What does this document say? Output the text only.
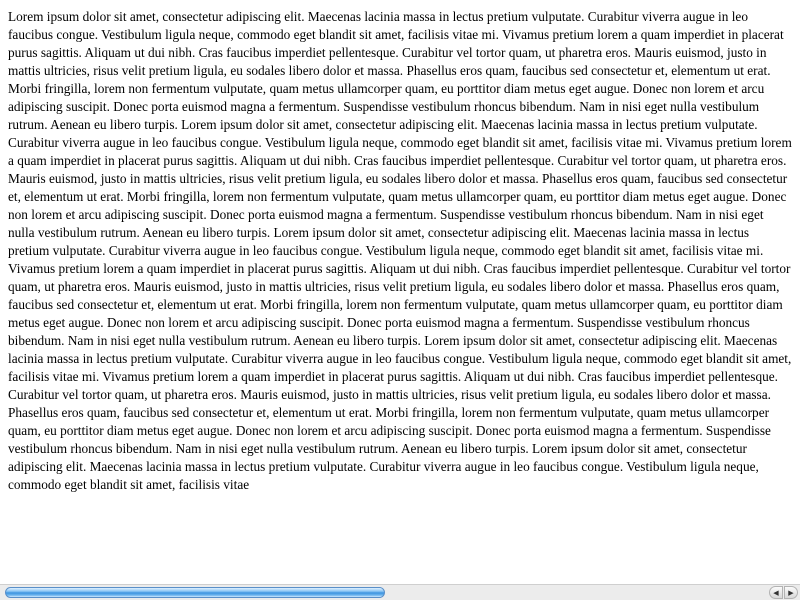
Lorem ipsum dolor sit amet, consectetur adipiscing elit. Maecenas lacinia massa in lectus pretium vulputate. Curabitur viverra augue in leo faucibus congue. Vestibulum ligula neque, commodo eget blandit sit amet, facilisis vitae mi. Vivamus pretium lorem a quam imperdiet in placerat purus sagittis. Aliquam ut dui nibh. Cras faucibus imperdiet pellentesque. Curabitur vel tortor quam, ut pharetra eros. Mauris euismod, justo in mattis ultricies, risus velit pretium ligula, eu sodales libero dolor et massa. Phasellus eros quam, faucibus sed consectetur et, elementum ut erat. Morbi fringilla, lorem non fermentum vulputate, quam metus ullamcorper quam, eu porttitor diam metus eget augue. Donec non lorem et arcu adipiscing suscipit. Donec porta euismod magna a fermentum. Suspendisse vestibulum rhoncus bibendum. Nam in nisi eget nulla vestibulum rutrum. Aenean eu libero turpis. Lorem ipsum dolor sit amet, consectetur adipiscing elit. Maecenas lacinia massa in lectus pretium vulputate. Curabitur viverra augue in leo faucibus congue. Vestibulum ligula neque, commodo eget blandit sit amet, facilisis vitae mi. Vivamus pretium lorem a quam imperdiet in placerat purus sagittis. Aliquam ut dui nibh. Cras faucibus imperdiet pellentesque. Curabitur vel tortor quam, ut pharetra eros. Mauris euismod, justo in mattis ultricies, risus velit pretium ligula, eu sodales libero dolor et massa. Phasellus eros quam, faucibus sed consectetur et, elementum ut erat. Morbi fringilla, lorem non fermentum vulputate, quam metus ullamcorper quam, eu porttitor diam metus eget augue. Donec non lorem et arcu adipiscing suscipit. Donec porta euismod magna a fermentum. Suspendisse vestibulum rhoncus bibendum. Nam in nisi eget nulla vestibulum rutrum. Aenean eu libero turpis. Lorem ipsum dolor sit amet, consectetur adipiscing elit. Maecenas lacinia massa in lectus pretium vulputate. Curabitur viverra augue in leo faucibus congue. Vestibulum ligula neque, commodo eget blandit sit amet, facilisis vitae mi. Vivamus pretium lorem a quam imperdiet in placerat purus sagittis. Aliquam ut dui nibh. Cras faucibus imperdiet pellentesque. Curabitur vel tortor quam, ut pharetra eros. Mauris euismod, justo in mattis ultricies, risus velit pretium ligula, eu sodales libero dolor et massa. Phasellus eros quam, faucibus sed consectetur et, elementum ut erat. Morbi fringilla, lorem non fermentum vulputate, quam metus ullamcorper quam, eu porttitor diam metus eget augue. Donec non lorem et arcu adipiscing suscipit. Donec porta euismod magna a fermentum. Suspendisse vestibulum rhoncus bibendum. Nam in nisi eget nulla vestibulum rutrum. Aenean eu libero turpis. Lorem ipsum dolor sit amet, consectetur adipiscing elit. Maecenas lacinia massa in lectus pretium vulputate. Curabitur viverra augue in leo faucibus congue. Vestibulum ligula neque, commodo eget blandit sit amet, facilisis vitae mi. Vivamus pretium lorem a quam imperdiet in placerat purus sagittis. Aliquam ut dui nibh. Cras faucibus imperdiet pellentesque. Curabitur vel tortor quam, ut pharetra eros. Mauris euismod, justo in mattis ultricies, risus velit pretium ligula, eu sodales libero dolor et massa. Phasellus eros quam, faucibus sed consectetur et, elementum ut erat. Morbi fringilla, lorem non fermentum vulputate, quam metus ullamcorper quam, eu porttitor diam metus eget augue. Donec non lorem et arcu adipiscing suscipit. Donec porta euismod magna a fermentum. Suspendisse vestibulum rhoncus bibendum. Nam in nisi eget nulla vestibulum rutrum. Aenean eu libero turpis. Lorem ipsum dolor sit amet, consectetur adipiscing elit. Maecenas lacinia massa in lectus pretium vulputate. Curabitur viverra augue in leo faucibus congue. Vestibulum ligula neque, commodo eget blandit sit amet, facilisis vitae

◀ ▶
